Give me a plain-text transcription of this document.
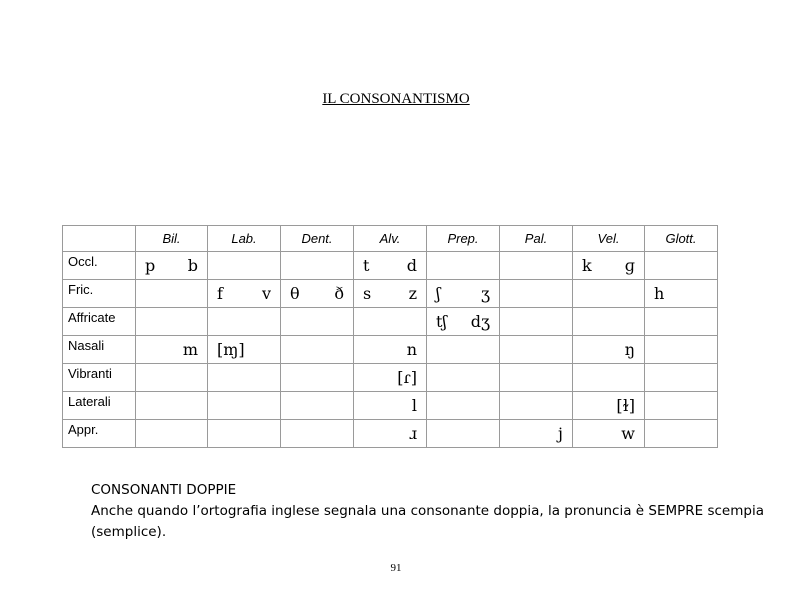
IL CONSONANTISMO
	Bil.	Lab.	Dent.	Alv.	Prep.	Pal.	Vel.	Glott.
Occl.	p b			t d			k ɡ	

Fric.		f v	θ ð	s z	ʃ ʒ			h

Affricate					tʃ dʒ			

Nasali	m	[ɱ]		n			ŋ	

Vibranti				[ɾ]				

Laterali				l			[ɫ]	

Appr.				ɹ		j	w	

CONSONANTI DOPPIE
Anche quando l’ortografia inglese segnala una consonante doppia, la pronuncia è SEMPRE scempia (semplice).
91
